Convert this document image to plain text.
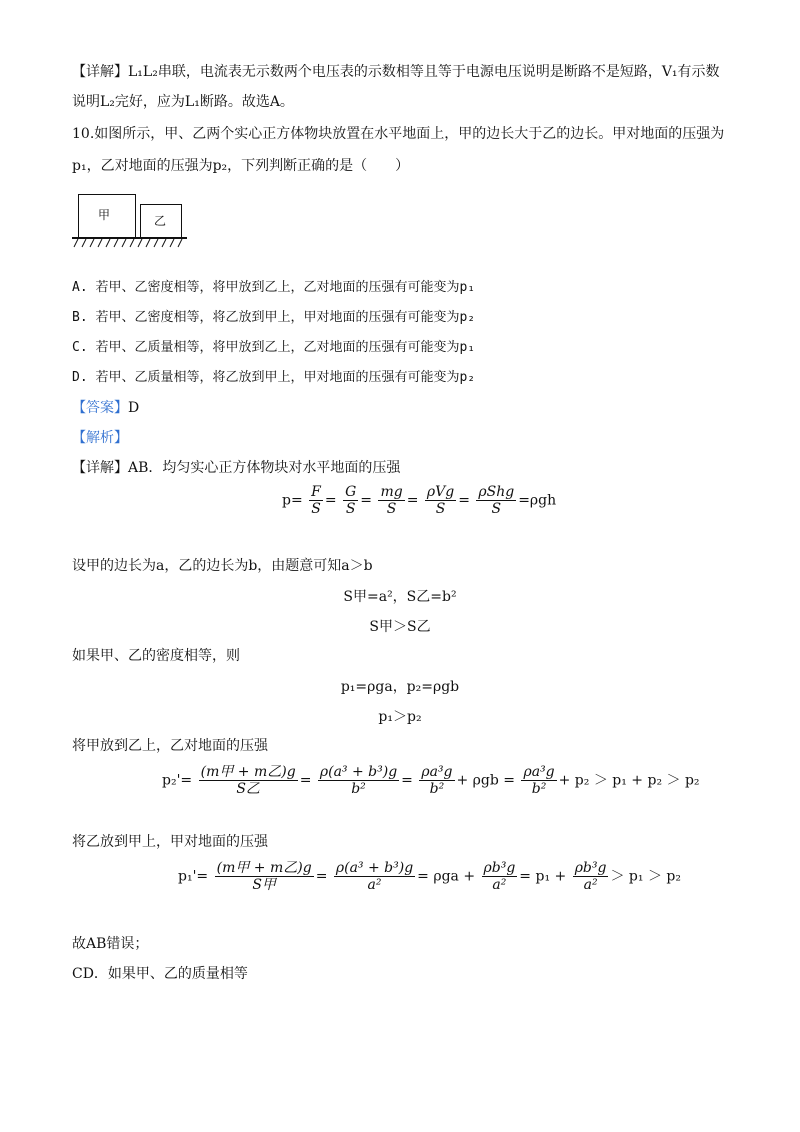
【详解】L₁L₂串联，电流表无示数两个电压表的示数相等且等于电源电压说明是断路不是短路，V₁有示数
说明L₂完好，应为L₁断路。故选A。
10.如图所示，甲、乙两个实心正方体物块放置在水平地面上，甲的边长大于乙的边长。甲对地面的压强为
p₁，乙对地面的压强为p₂，下列判断正确的是（　　）
甲	乙
A. 若甲、乙密度相等，将甲放到乙上，乙对地面的压强有可能变为p₁
B. 若甲、乙密度相等，将乙放到甲上，甲对地面的压强有可能变为p₂
C. 若甲、乙质量相等，将甲放到乙上，乙对地面的压强有可能变为p₁
D. 若甲、乙质量相等，将乙放到甲上，甲对地面的压强有可能变为p₂
【答案】D
【解析】
【详解】AB．均匀实心正方体物块对水平地面的压强
$p= \frac{F}{S} = \frac{G}{S} = \frac{mg}{S} = \frac{\text{ρVg}}{S} = \frac{\text{ρShg}}{S} =\rho gh$
设甲的边长为a，乙的边长为b，由题意可知a＞b
S甲=a²，S乙=b²
S甲＞S乙
如果甲、乙的密度相等，则
p₁=ρga，p₂=ρgb
p₁＞p₂
将甲放到乙上，乙对地面的压强
$p_2'= \frac{\text{(m甲 + m乙)g}}{\text{S乙}} = \frac{\text{ρ(a³ + b³)g}}{\text{b²}} = \frac{\text{ρa³g}}{\text{b²}} + \rho gb = \frac{\text{ρa³g}}{\text{b²}} + p_2 > p_1 + p_2 > p_2$
将乙放到甲上，甲对地面的压强
$p_1'= \frac{\text{(m甲 + m乙)g}}{\text{S甲}} = \frac{\text{ρ(a³ + b³)g}}{\text{a²}} = \rho ga + \frac{\text{ρb³g}}{\text{a²}} = p_1 + \frac{\text{ρb³g}}{\text{a²}} > p_1 > p_2$
故AB错误；
CD．如果甲、乙的质量相等
